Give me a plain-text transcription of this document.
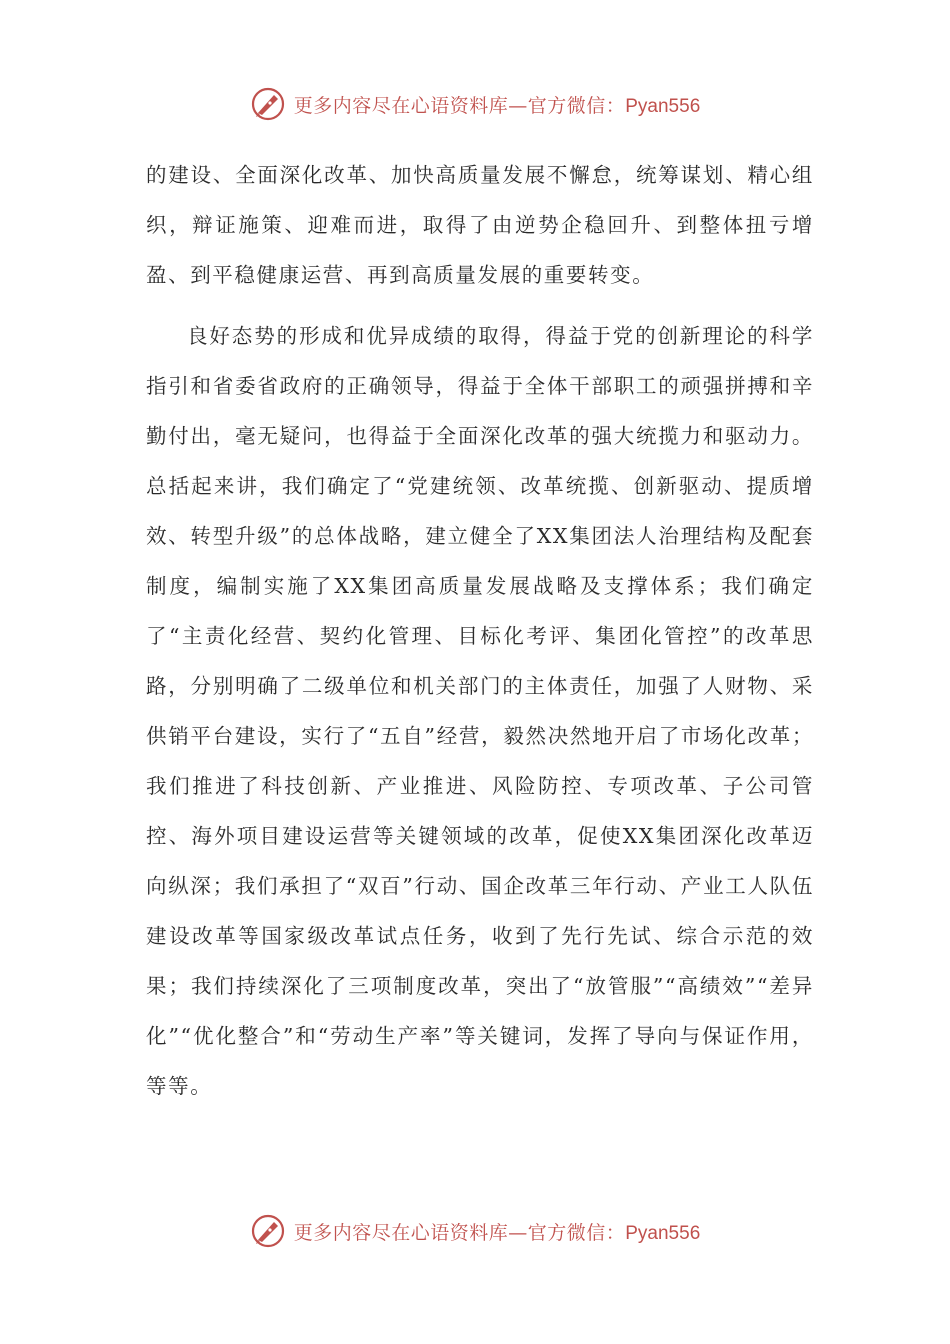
更多内容尽在心语资料库—官方微信：Pyan556

的建设、全面深化改革、加快高质量发展不懈怠，统筹谋划、精心组织，辩证施策、迎难而进，取得了由逆势企稳回升、到整体扭亏增盈、到平稳健康运营、再到高质量发展的重要转变。

良好态势的形成和优异成绩的取得，得益于党的创新理论的科学指引和省委省政府的正确领导，得益于全体干部职工的顽强拼搏和辛勤付出，毫无疑问，也得益于全面深化改革的强大统揽力和驱动力。总括起来讲，我们确定了“党建统领、改革统揽、创新驱动、提质增效、转型升级”的总体战略，建立健全了XX集团法人治理结构及配套制度，编制实施了XX集团高质量发展战略及支撑体系；我们确定了“主责化经营、契约化管理、目标化考评、集团化管控”的改革思路，分别明确了二级单位和机关部门的主体责任，加强了人财物、采供销平台建设，实行了“五自”经营，毅然决然地开启了市场化改革；我们推进了科技创新、产业推进、风险防控、专项改革、子公司管控、海外项目建设运营等关键领域的改革，促使XX集团深化改革迈向纵深；我们承担了“双百”行动、国企改革三年行动、产业工人队伍建设改革等国家级改革试点任务，收到了先行先试、综合示范的效果；我们持续深化了三项制度改革，突出了“放管服”“高绩效”“差异化”“优化整合”和“劳动生产率”等关键词，发挥了导向与保证作用，等等。

更多内容尽在心语资料库—官方微信：Pyan556
